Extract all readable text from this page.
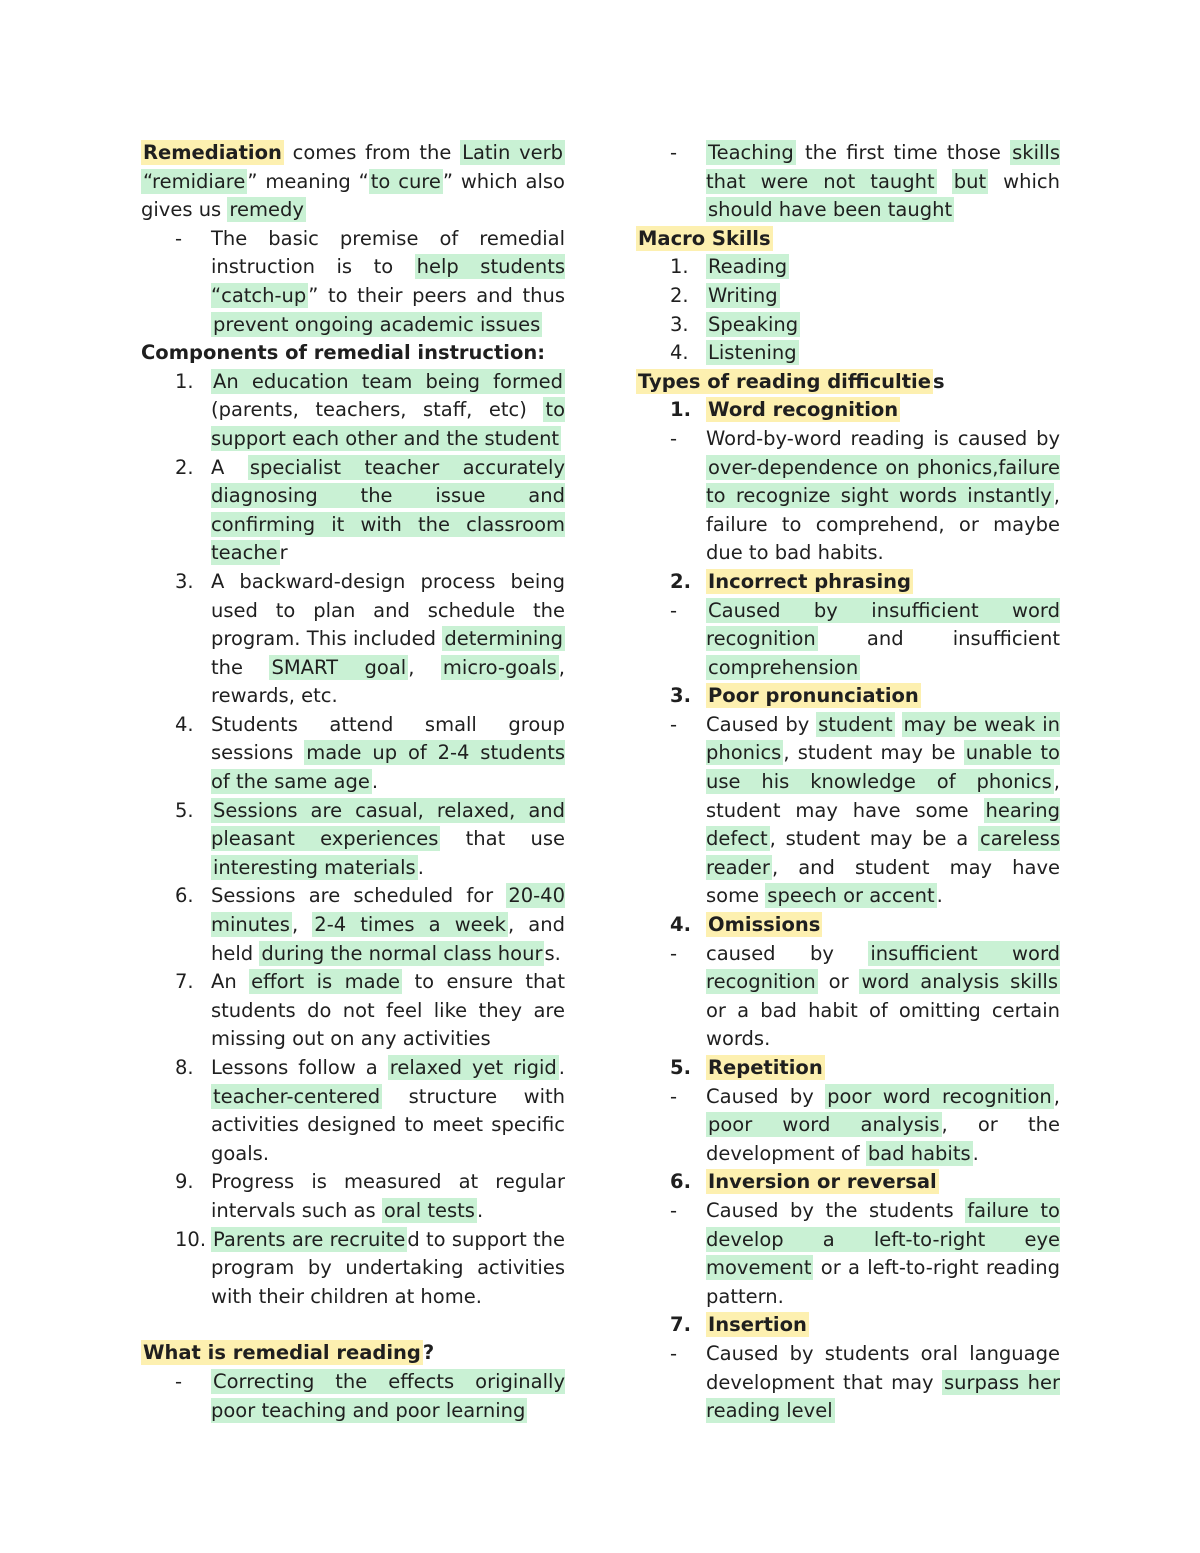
Remediation comes from the Latin verb “remidiare ” meaning “ to cure ” which also gives us remedy
- The basic premise of remedial instruction is to help students “catch-up ” to their peers and thus prevent ongoing academic issues
Components of remedial instruction:
1. An education team being formed (parents, teachers, staff, etc) to support each other and the student
2. A specialist teacher accurately diagnosing the issue and confirming it with the classroom teache r
3. A backward-design process being used to plan and schedule the program. This included determining the SMART goal , micro-goals , rewards, etc.
4. Students attend small group sessions made up of 2-4 students of the same age .
5. Sessions are casual, relaxed, and pleasant experiences that use interesting materials .
6. Sessions are scheduled for 20-40 minutes , 2-4 times a week , and held during the normal class hour s.
7. An effort is made to ensure that students do not feel like they are missing out on any activities
8. Lessons follow a relaxed yet rigid . teacher-centered structure with activities designed to meet specific goals.
9. Progress is measured at regular intervals such as oral tests .
10. Parents are recruite d to support the program by undertaking activities with their children at home.
What is remedial reading ?
- Correcting the effects originally poor teaching and poor learning
- Teaching the first time those skills that were not taught but which should have been taught
Macro Skills
1. Reading
2. Writing
3. Speaking
4. Listening
Types of reading difficultie s
1. Word recognition
- Word-by-word reading is caused by over-dependence on phonics,failure to recognize sight words instantly , failure to comprehend, or maybe due to bad habits.
2. Incorrect phrasing
- Caused by insufficient word recognition and insufficient comprehension
3. Poor pronunciation
- Caused by student may be weak in phonics , student may be unable to use his knowledge of phonics , student may have some hearing defect , student may be a careless reader , and student may have some speech or accent .
4. Omissions
- caused by insufficient word recognition or word analysis skills or a bad habit of omitting certain words.
5. Repetition
- Caused by poor word recognition , poor word analysis , or the development of bad habits .
6. Inversion or reversal
- Caused by the students failure to develop a left-to-right eye movement or a left-to-right reading pattern.
7. Insertion
- Caused by students oral language development that may surpass her reading level
